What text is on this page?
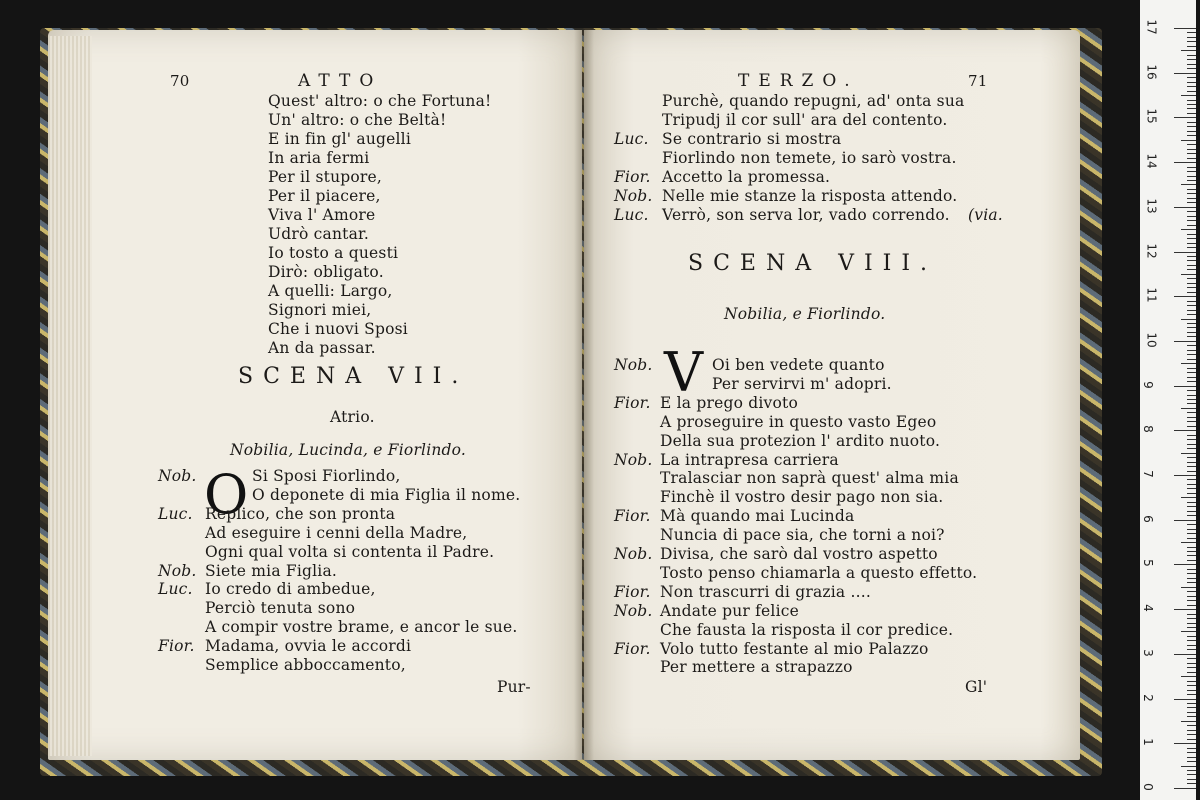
70	ATTO
Quest' altro: o che Fortuna!
Un' altro: o che Beltà!
E in fin gl' augelli
In aria fermi
Per il stupore,
Per il piacere,
Viva l' Amore
Udrò cantar.
Io tosto a questi
Dirò: obligato.
A quelli: Largo,
Signori miei,
Che i nuovi Sposi
An da passar.
SCENA VII.
Atrio.
Nobilia, Lucinda, e Fiorlindo.
O
Nob.	Si Sposi Fiorlindo,
O deponete di mia Figlia il nome.
Luc. Replico, che son pronta
Ad eseguire i cenni della Madre,
Ogni qual volta si contenta il Padre.
Nob. Siete mia Figlia.
Luc. Io credo di ambedue,
Perciò tenuta sono
A compir vostre brame, e ancor le sue.
Fior. Madama, ovvia le accordi
Semplice abboccamento,
Pur-
TERZO.	71
Purchè, quando repugni, ad' onta sua
Tripudj il cor sull' ara del contento.
Luc. Se contrario si mostra
Fiorlindo non temete, io sarò vostra.
Fior. Accetto la promessa.
Nob. Nelle mie stanze la risposta attendo.
Luc. Verrò, son serva lor, vado correndo. (via.
SCENA VIII.
Nobilia, e Fiorlindo.
V
Nob.	Oi ben vedete quanto
Per servirvi m' adopri.
Fior. E la prego divoto
A proseguire in questo vasto Egeo
Della sua protezion l' ardito nuoto.
Nob. La intrapresa carriera
Tralasciar non saprà quest' alma mia
Finchè il vostro desir pago non sia.
Fior. Mà quando mai Lucinda
Nuncia di pace sia, che torni a noi?
Nob. Divisa, che sarò dal vostro aspetto
Tosto penso chiamarla a questo effetto.
Fior. Non trascurri di grazia ....
Nob. Andate pur felice
Che fausta la risposta il cor predice.
Fior. Volo tutto festante al mio Palazzo
Per mettere a strapazzo
Gl'
17
16
15
14
13
12
11
10
9
8
7
6
5
4
3
2
1
0
